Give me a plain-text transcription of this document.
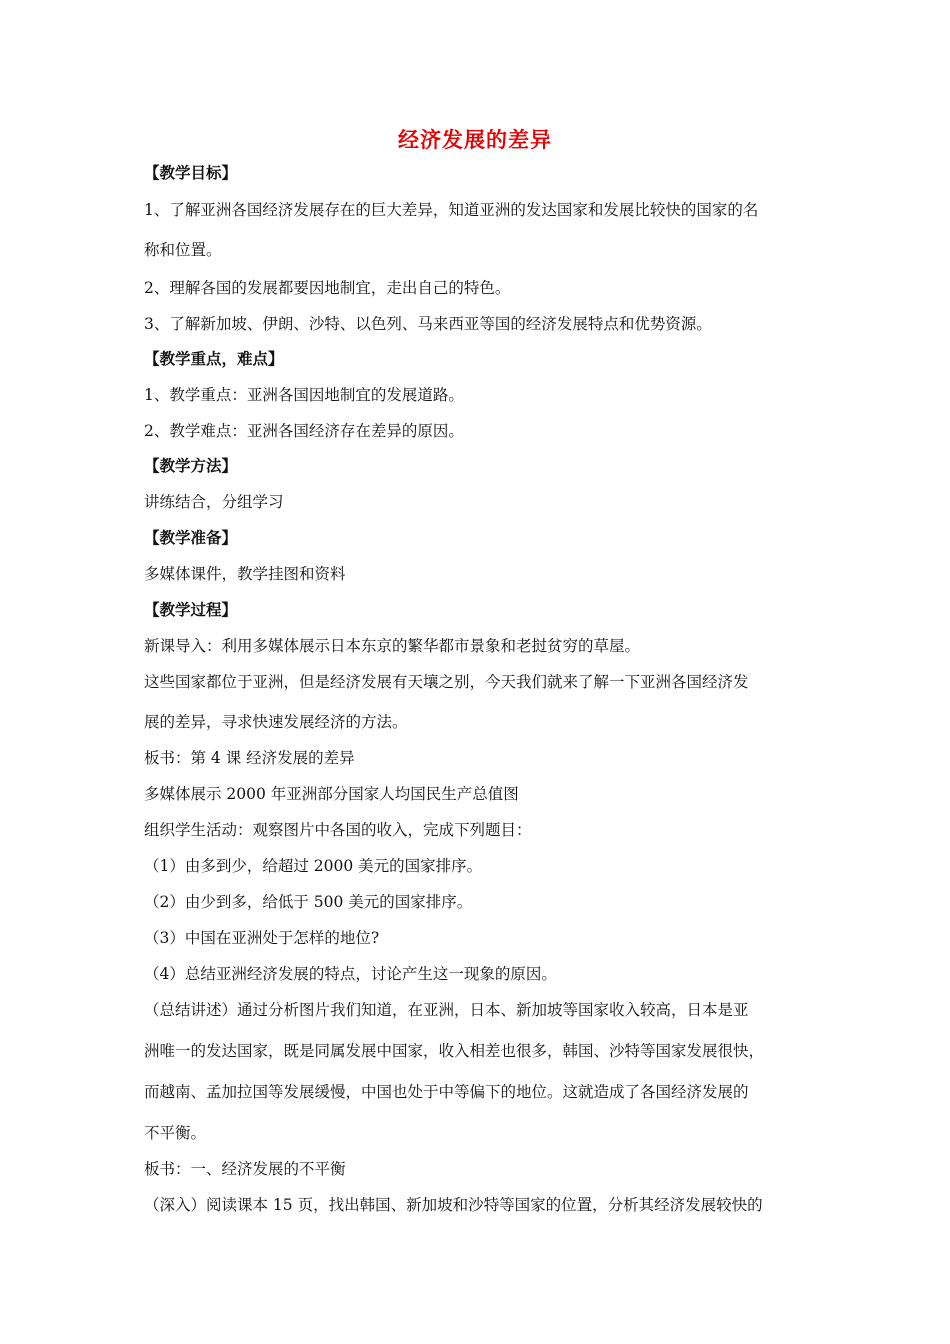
经济发展的差异
【教学目标】
1、了解亚洲各国经济发展存在的巨大差异，知道亚洲的发达国家和发展比较快的国家的名
称和位置。
2、理解各国的发展都要因地制宜，走出自己的特色。
3、了解新加坡、伊朗、沙特、以色列、马来西亚等国的经济发展特点和优势资源。
【教学重点，难点】
1、教学重点：亚洲各国因地制宜的发展道路。
2、教学难点：亚洲各国经济存在差异的原因。
【教学方法】
讲练结合，分组学习
【教学准备】
多媒体课件，教学挂图和资料
【教学过程】
新课导入：利用多媒体展示日本东京的繁华都市景象和老挝贫穷的草屋。
这些国家都位于亚洲，但是经济发展有天壤之别，今天我们就来了解一下亚洲各国经济发
展的差异，寻求快速发展经济的方法。
板书：第 4 课 经济发展的差异
多媒体展示 2000 年亚洲部分国家人均国民生产总值图
组织学生活动：观察图片中各国的收入，完成下列题目：
（1）由多到少，给超过 2000 美元的国家排序。
（2）由少到多，给低于 500 美元的国家排序。
（3）中国在亚洲处于怎样的地位?
（4）总结亚洲经济发展的特点，讨论产生这一现象的原因。
（总结讲述）通过分析图片我们知道，在亚洲，日本、新加坡等国家收入较高，日本是亚
洲唯一的发达国家，既是同属发展中国家，收入相差也很多，韩国、沙特等国家发展很快，
而越南、孟加拉国等发展缓慢，中国也处于中等偏下的地位。这就造成了各国经济发展的
不平衡。
板书：一、经济发展的不平衡
（深入）阅读课本 15 页，找出韩国、新加坡和沙特等国家的位置，分析其经济发展较快的
